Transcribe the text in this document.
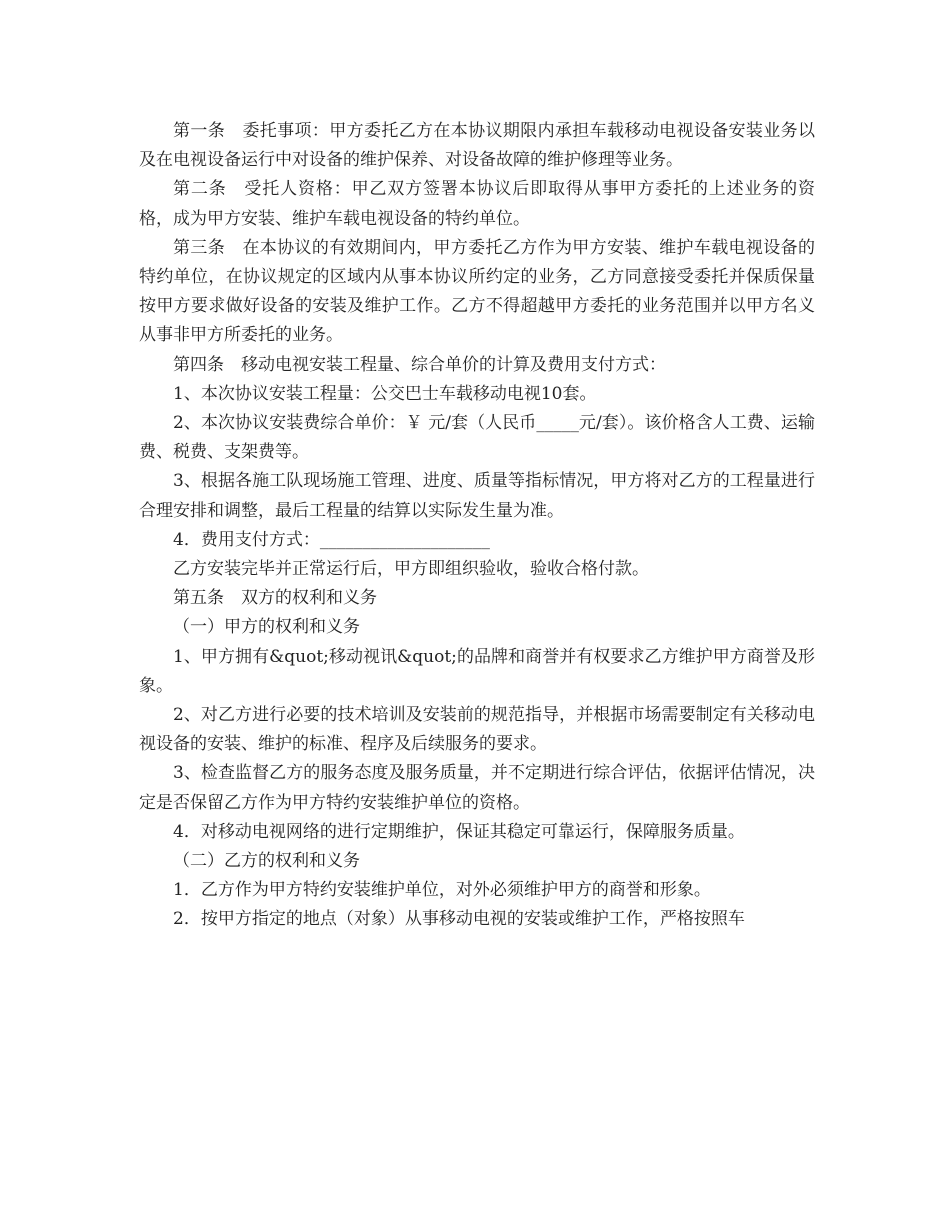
第一条　委托事项：甲方委托乙方在本协议期限内承担车载移动电视设备安装业务以及在电视设备运行中对设备的维护保养、对设备故障的维护修理等业务。

第二条　受托人资格：甲乙双方签署本协议后即取得从事甲方委托的上述业务的资格，成为甲方安装、维护车载电视设备的特约单位。

第三条　在本协议的有效期间内，甲方委托乙方作为甲方安装、维护车载电视设备的特约单位，在协议规定的区域内从事本协议所约定的业务，乙方同意接受委托并保质保量按甲方要求做好设备的安装及维护工作。乙方不得超越甲方委托的业务范围并以甲方名义从事非甲方所委托的业务。

第四条　移动电视安装工程量、综合单价的计算及费用支付方式：

1、本次协议安装工程量：公交巴士车载移动电视10套。

2、本次协议安装费综合单价：￥ 元/套（人民币_____元/套）。该价格含人工费、运输费、税费、支架费等。

3、根据各施工队现场施工管理、进度、质量等指标情况，甲方将对乙方的工程量进行合理安排和调整，最后工程量的结算以实际发生量为准。

4．费用支付方式：____________________

乙方安装完毕并正常运行后，甲方即组织验收，验收合格付款。

第五条　双方的权利和义务

（一）甲方的权利和义务

1、甲方拥有&quot;移动视讯&quot;的品牌和商誉并有权要求乙方维护甲方商誉及形象。

2、对乙方进行必要的技术培训及安装前的规范指导，并根据市场需要制定有关移动电视设备的安装、维护的标准、程序及后续服务的要求。

3、检查监督乙方的服务态度及服务质量，并不定期进行综合评估，依据评估情况，决定是否保留乙方作为甲方特约安装维护单位的资格。

4．对移动电视网络的进行定期维护，保证其稳定可靠运行，保障服务质量。

（二）乙方的权利和义务

1．乙方作为甲方特约安装维护单位，对外必须维护甲方的商誉和形象。

2．按甲方指定的地点（对象）从事移动电视的安装或维护工作，严格按照车
